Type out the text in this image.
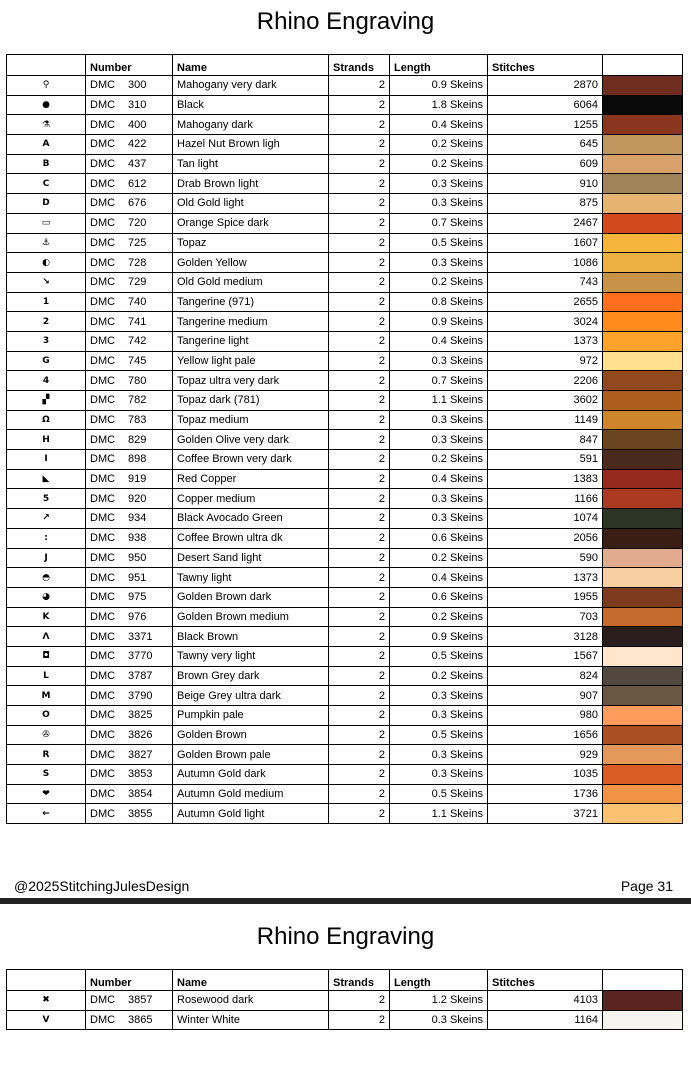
Rhino Engraving
	Number	Name	Strands	Length	Stitches	
⚲	DMC 300	Mahogany very dark	2	0.9 Skeins	2870	

●	DMC 310	Black	2	1.8 Skeins	6064	

⚗	DMC 400	Mahogany dark	2	0.4 Skeins	1255	

A	DMC 422	Hazel Nut Brown ligh	2	0.2 Skeins	645	

B	DMC 437	Tan light	2	0.2 Skeins	609	

C	DMC 612	Drab Brown light	2	0.3 Skeins	910	

D	DMC 676	Old Gold light	2	0.3 Skeins	875	

▭	DMC 720	Orange Spice dark	2	0.7 Skeins	2467	

⚓	DMC 725	Topaz	2	0.5 Skeins	1607	

◐	DMC 728	Golden Yellow	2	0.3 Skeins	1086	

↘	DMC 729	Old Gold medium	2	0.2 Skeins	743	

1	DMC 740	Tangerine (971)	2	0.8 Skeins	2655	

2	DMC 741	Tangerine medium	2	0.9 Skeins	3024	

3	DMC 742	Tangerine light	2	0.4 Skeins	1373	

G	DMC 745	Yellow light pale	2	0.3 Skeins	972	

4	DMC 780	Topaz ultra very dark	2	0.7 Skeins	2206	

▞	DMC 782	Topaz dark (781)	2	1.1 Skeins	3602	

Ω	DMC 783	Topaz medium	2	0.3 Skeins	1149	

H	DMC 829	Golden Olive very dark	2	0.3 Skeins	847	

I	DMC 898	Coffee Brown very dark	2	0.2 Skeins	591	

◣	DMC 919	Red Copper	2	0.4 Skeins	1383	

5	DMC 920	Copper medium	2	0.3 Skeins	1166	

↗	DMC 934	Black Avocado Green	2	0.3 Skeins	1074	

:	DMC 938	Coffee Brown ultra dk	2	0.6 Skeins	2056	

J	DMC 950	Desert Sand light	2	0.2 Skeins	590	

◓	DMC 951	Tawny light	2	0.4 Skeins	1373	

◕	DMC 975	Golden Brown dark	2	0.6 Skeins	1955	

K	DMC 976	Golden Brown medium	2	0.2 Skeins	703	

Λ	DMC 3371	Black Brown	2	0.9 Skeins	3128	

◘	DMC 3770	Tawny very light	2	0.5 Skeins	1567	

L	DMC 3787	Brown Grey dark	2	0.2 Skeins	824	

M	DMC 3790	Beige Grey ultra dark	2	0.3 Skeins	907	

O	DMC 3825	Pumpkin pale	2	0.3 Skeins	980	

✇	DMC 3826	Golden Brown	2	0.5 Skeins	1656	

R	DMC 3827	Golden Brown pale	2	0.3 Skeins	929	

S	DMC 3853	Autumn Gold dark	2	0.3 Skeins	1035	

❤	DMC 3854	Autumn Gold medium	2	0.5 Skeins	1736	

←	DMC 3855	Autumn Gold light	2	1.1 Skeins	3721	
@2025StitchingJulesDesign	Page 31
Rhino Engraving
	Number	Name	Strands	Length	Stitches	
✖	DMC 3857	Rosewood dark	2	1.2 Skeins	4103	

V	DMC 3865	Winter White	2	0.3 Skeins	1164	
